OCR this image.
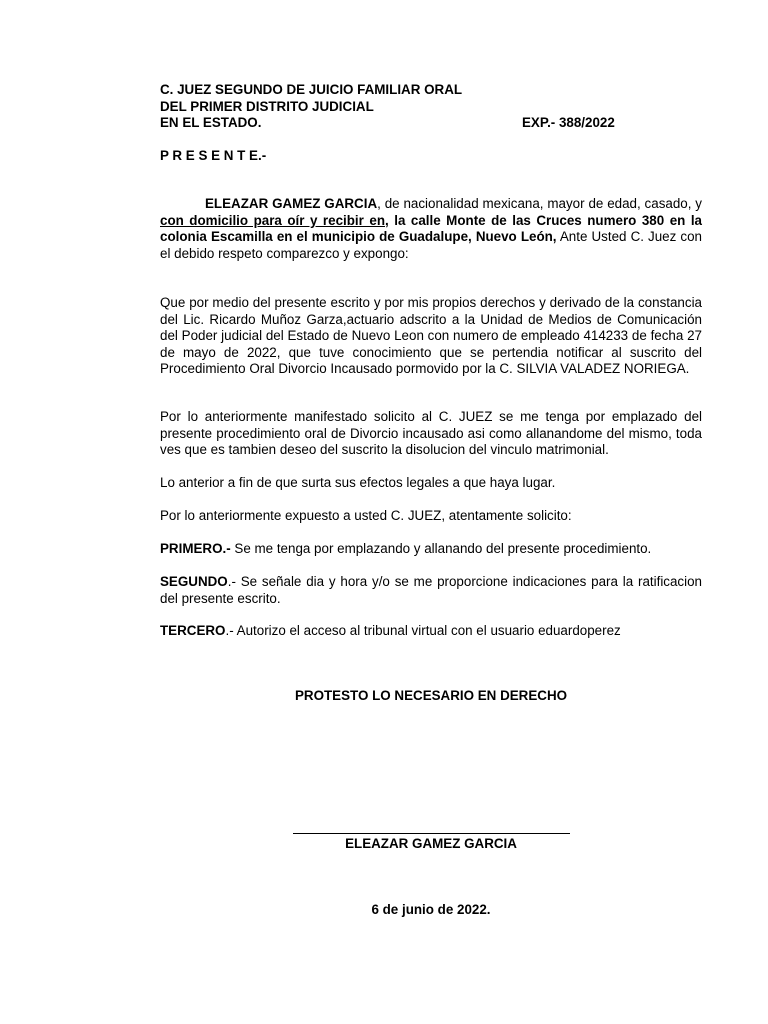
C. JUEZ SEGUNDO DE JUICIO FAMILIAR ORAL
DEL PRIMER DISTRITO JUDICIAL
EN EL ESTADO.	EXP.- 388/2022
P R E S E N T E.-
ELEAZAR GAMEZ GARCIA, de nacionalidad mexicana, mayor de edad, casado, y con domicilio para oír y recibir en, la calle Monte de las Cruces numero 380 en la colonia Escamilla en el municipio de Guadalupe, Nuevo León, Ante Usted C. Juez con el debido respeto comparezco y expongo:
Que por medio del presente escrito y por mis propios derechos y derivado de la constancia del Lic. Ricardo Muñoz Garza,actuario adscrito a la Unidad de Medios de Comunicación del Poder judicial del Estado de Nuevo Leon con numero de empleado 414233 de fecha 27 de mayo de 2022, que tuve conocimiento que se pertendia notificar al suscrito del Procedimiento Oral Divorcio Incausado pormovido por la C. SILVIA VALADEZ NORIEGA.
Por lo anteriormente manifestado solicito al C. JUEZ se me tenga por emplazado del presente procedimiento oral de Divorcio incausado asi como allanandome del mismo, toda ves que es tambien deseo del suscrito la disolucion del vinculo matrimonial.
Lo anterior a fin de que surta sus efectos legales a que haya lugar.
Por lo anteriormente expuesto a usted C. JUEZ, atentamente solicito:
PRIMERO.- Se me tenga por emplazando y allanando del presente procedimiento.
SEGUNDO.- Se señale dia y hora y/o se me proporcione indicaciones para la ratificacion del presente escrito.
TERCERO.- Autorizo el acceso al tribunal virtual con el usuario eduardoperez
PROTESTO LO NECESARIO EN DERECHO
ELEAZAR GAMEZ GARCIA
6 de junio de 2022.
